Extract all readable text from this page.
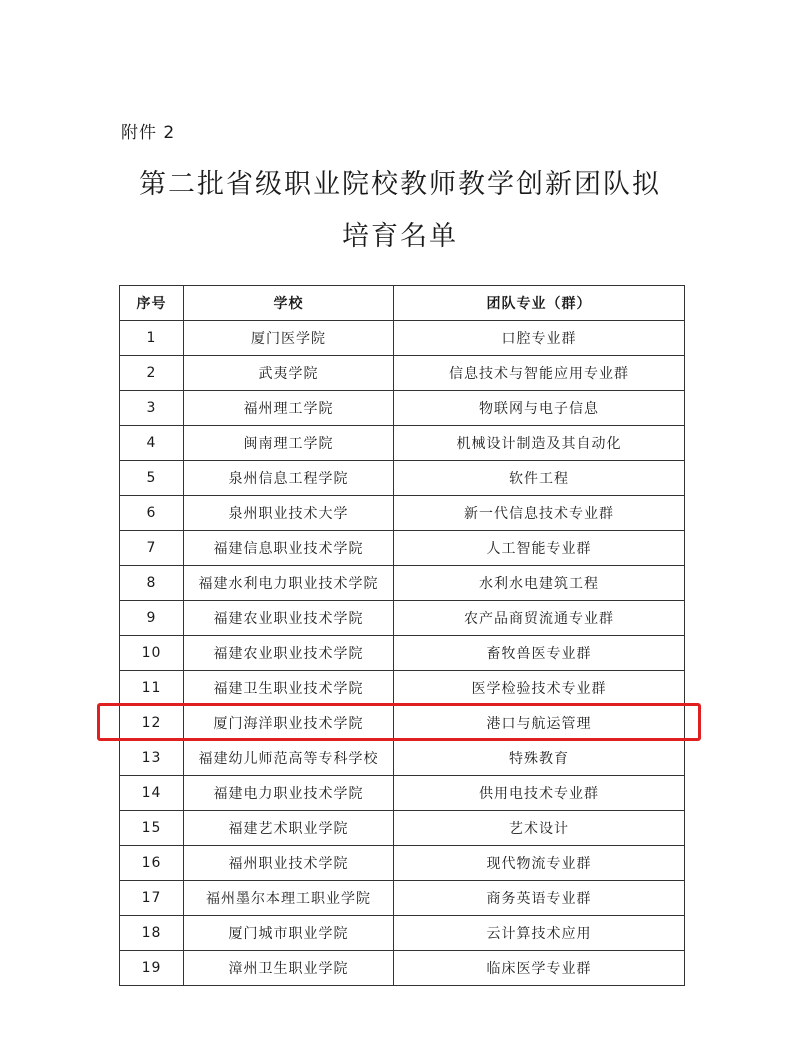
附件 2
第二批省级职业院校教师教学创新团队拟
培育名单
序号	学校	团队专业（群）
1	厦门医学院	口腔专业群
2	武夷学院	信息技术与智能应用专业群
3	福州理工学院	物联网与电子信息
4	闽南理工学院	机械设计制造及其自动化
5	泉州信息工程学院	软件工程
6	泉州职业技术大学	新一代信息技术专业群
7	福建信息职业技术学院	人工智能专业群
8	福建水利电力职业技术学院	水利水电建筑工程
9	福建农业职业技术学院	农产品商贸流通专业群
10	福建农业职业技术学院	畜牧兽医专业群
11	福建卫生职业技术学院	医学检验技术专业群
12	厦门海洋职业技术学院	港口与航运管理
13	福建幼儿师范高等专科学校	特殊教育
14	福建电力职业技术学院	供用电技术专业群
15	福建艺术职业学院	艺术设计
16	福州职业技术学院	现代物流专业群
17	福州墨尔本理工职业学院	商务英语专业群
18	厦门城市职业学院	云计算技术应用
19	漳州卫生职业学院	临床医学专业群
